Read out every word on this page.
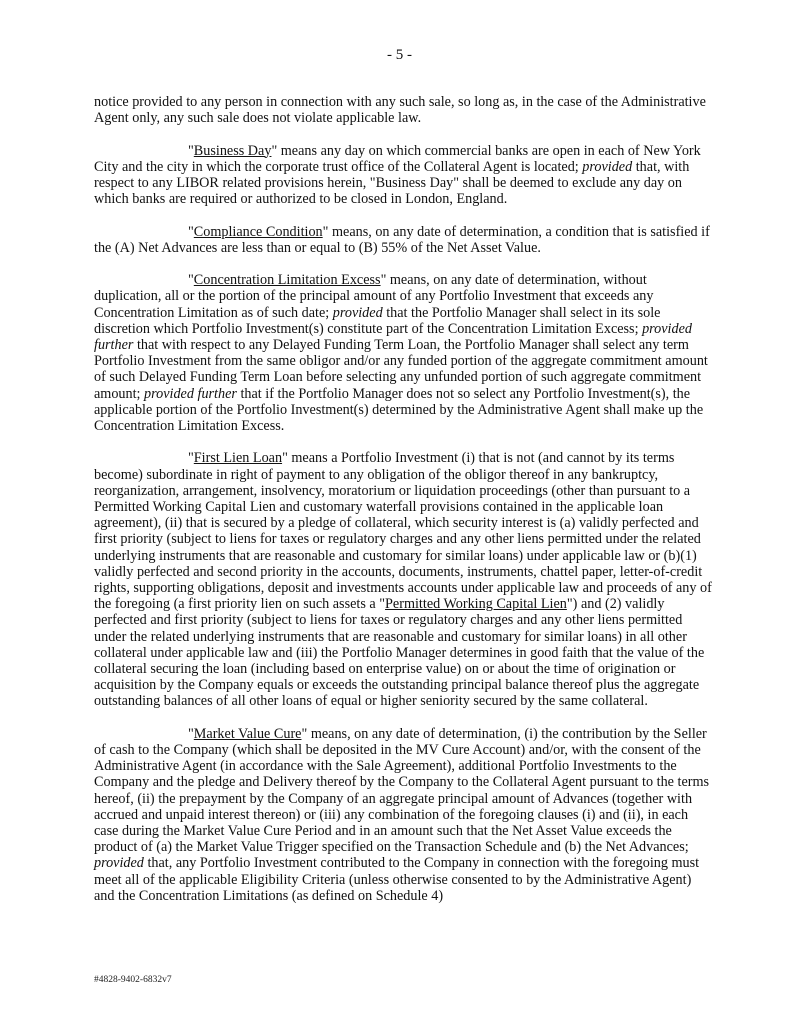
- 5 -

notice provided to any person in connection with any such sale, so long as, in the case of the Administrative Agent only, any such sale does not violate applicable law.

"Business Day" means any day on which commercial banks are open in each of New York City and the city in which the corporate trust office of the Collateral Agent is located; provided that, with respect to any LIBOR related provisions herein, "Business Day" shall be deemed to exclude any day on which banks are required or authorized to be closed in London, England.

"Compliance Condition" means, on any date of determination, a condition that is satisfied if the (A) Net Advances are less than or equal to (B) 55% of the Net Asset Value.

"Concentration Limitation Excess" means, on any date of determination, without duplication, all or the portion of the principal amount of any Portfolio Investment that exceeds any Concentration Limitation as of such date; provided that the Portfolio Manager shall select in its sole discretion which Portfolio Investment(s) constitute part of the Concentration Limitation Excess; provided further that with respect to any Delayed Funding Term Loan, the Portfolio Manager shall select any term Portfolio Investment from the same obligor and/or any funded portion of the aggregate commitment amount of such Delayed Funding Term Loan before selecting any unfunded portion of such aggregate commitment amount; provided further that if the Portfolio Manager does not so select any Portfolio Investment(s), the applicable portion of the Portfolio Investment(s) determined by the Administrative Agent shall make up the Concentration Limitation Excess.

"First Lien Loan" means a Portfolio Investment (i) that is not (and cannot by its terms become) subordinate in right of payment to any obligation of the obligor thereof in any bankruptcy, reorganization, arrangement, insolvency, moratorium or liquidation proceedings (other than pursuant to a Permitted Working Capital Lien and customary waterfall provisions contained in the applicable loan agreement), (ii) that is secured by a pledge of collateral, which security interest is (a) validly perfected and first priority (subject to liens for taxes or regulatory charges and any other liens permitted under the related underlying instruments that are reasonable and customary for similar loans) under applicable law or (b)(1) validly perfected and second priority in the accounts, documents, instruments, chattel paper, letter-of-credit rights, supporting obligations, deposit and investments accounts under applicable law and proceeds of any of the foregoing (a first priority lien on such assets a "Permitted Working Capital Lien") and (2) validly perfected and first priority (subject to liens for taxes or regulatory charges and any other liens permitted under the related underlying instruments that are reasonable and customary for similar loans) in all other collateral under applicable law and (iii) the Portfolio Manager determines in good faith that the value of the collateral securing the loan (including based on enterprise value) on or about the time of origination or acquisition by the Company equals or exceeds the outstanding principal balance thereof plus the aggregate outstanding balances of all other loans of equal or higher seniority secured by the same collateral.

"Market Value Cure" means, on any date of determination, (i) the contribution by the Seller of cash to the Company (which shall be deposited in the MV Cure Account) and/or, with the consent of the Administrative Agent (in accordance with the Sale Agreement), additional Portfolio Investments to the Company and the pledge and Delivery thereof by the Company to the Collateral Agent pursuant to the terms hereof, (ii) the prepayment by the Company of an aggregate principal amount of Advances (together with accrued and unpaid interest thereon) or (iii) any combination of the foregoing clauses (i) and (ii), in each case during the Market Value Cure Period and in an amount such that the Net Asset Value exceeds the product of (a) the Market Value Trigger specified on the Transaction Schedule and (b) the Net Advances; provided that, any Portfolio Investment contributed to the Company in connection with the foregoing must meet all of the applicable Eligibility Criteria (unless otherwise consented to by the Administrative Agent) and the Concentration Limitations (as defined on Schedule 4)

#4828-9402-6832v7
